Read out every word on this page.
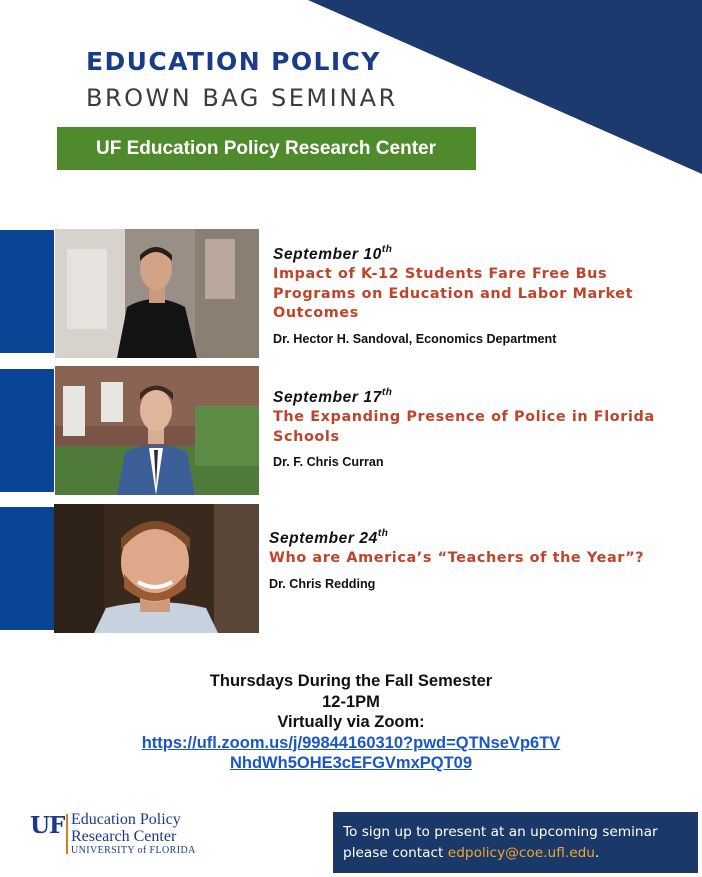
EDUCATION POLICY
BROWN BAG SEMINAR
UF Education Policy Research Center
September 10th
Impact of K-12 Students Fare Free Bus Programs on Education and Labor Market Outcomes
Dr. Hector H. Sandoval, Economics Department
September 17th
The Expanding Presence of Police in Florida Schools
Dr. F. Chris Curran
September 24th
Who are America’s “Teachers of the Year”?
Dr. Chris Redding
Thursdays During the Fall Semester
12-1PM
Virtually via Zoom:
https://ufl.zoom.us/j/99844160310?pwd=QTNseVp6TV
NhdWh5OHE3cEFGVmxPQT09
UF Education Policy
Research Center
UNIVERSITY of FLORIDA
To sign up to present at an upcoming seminar
please contact edpolicy@coe.ufl.edu.
